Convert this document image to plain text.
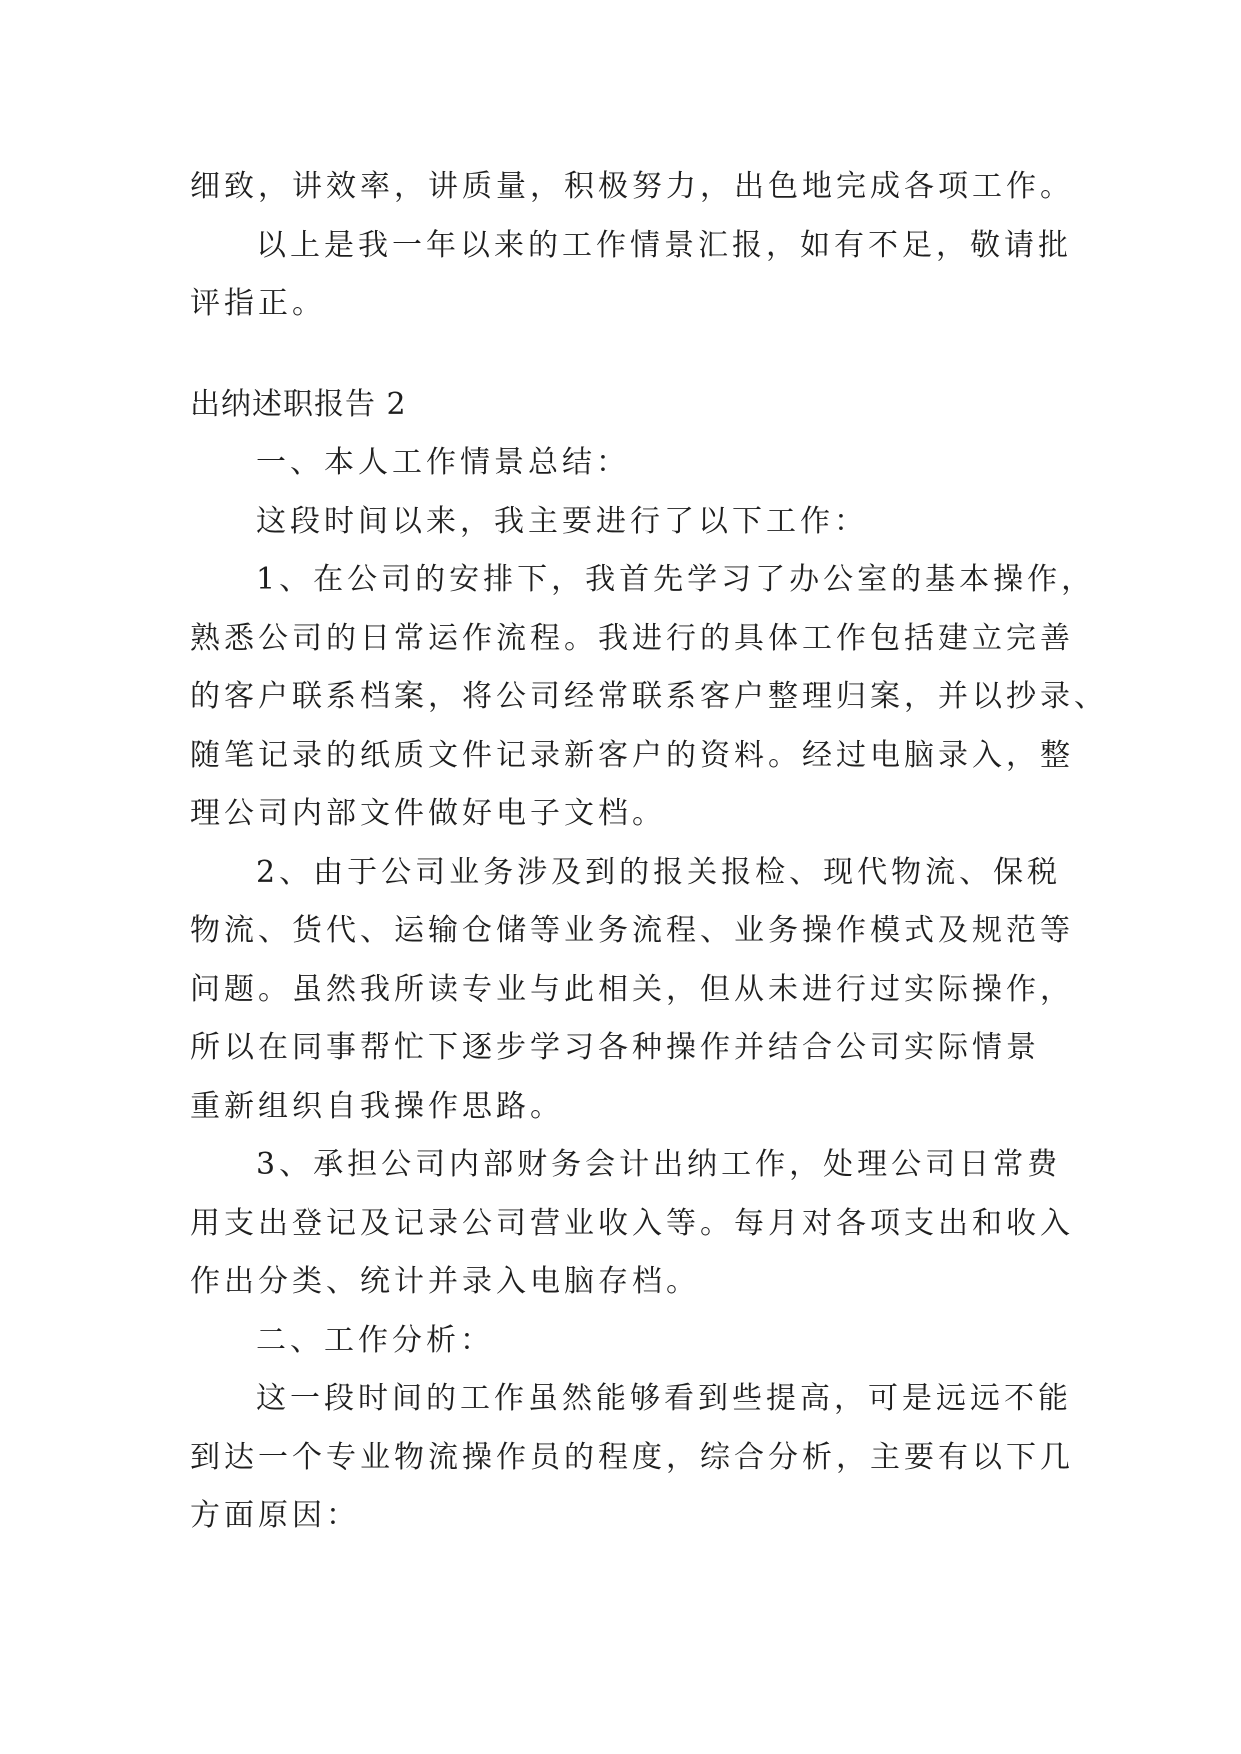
细致，讲效率，讲质量，积极努力，出色地完成各项工作。
以上是我一年以来的工作情景汇报，如有不足，敬请批
评指正。
出纳述职报告 2
一、本人工作情景总结：
这段时间以来，我主要进行了以下工作：
1、在公司的安排下，我首先学习了办公室的基本操作，
熟悉公司的日常运作流程。我进行的具体工作包括建立完善
的客户联系档案，将公司经常联系客户整理归案，并以抄录、
随笔记录的纸质文件记录新客户的资料。经过电脑录入，整
理公司内部文件做好电子文档。
2、由于公司业务涉及到的报关报检、现代物流、保税
物流、货代、运输仓储等业务流程、业务操作模式及规范等
问题。虽然我所读专业与此相关，但从未进行过实际操作，
所以在同事帮忙下逐步学习各种操作并结合公司实际情景
重新组织自我操作思路。
3、承担公司内部财务会计出纳工作，处理公司日常费
用支出登记及记录公司营业收入等。每月对各项支出和收入
作出分类、统计并录入电脑存档。
二、工作分析：
这一段时间的工作虽然能够看到些提高，可是远远不能
到达一个专业物流操作员的程度，综合分析，主要有以下几
方面原因：
